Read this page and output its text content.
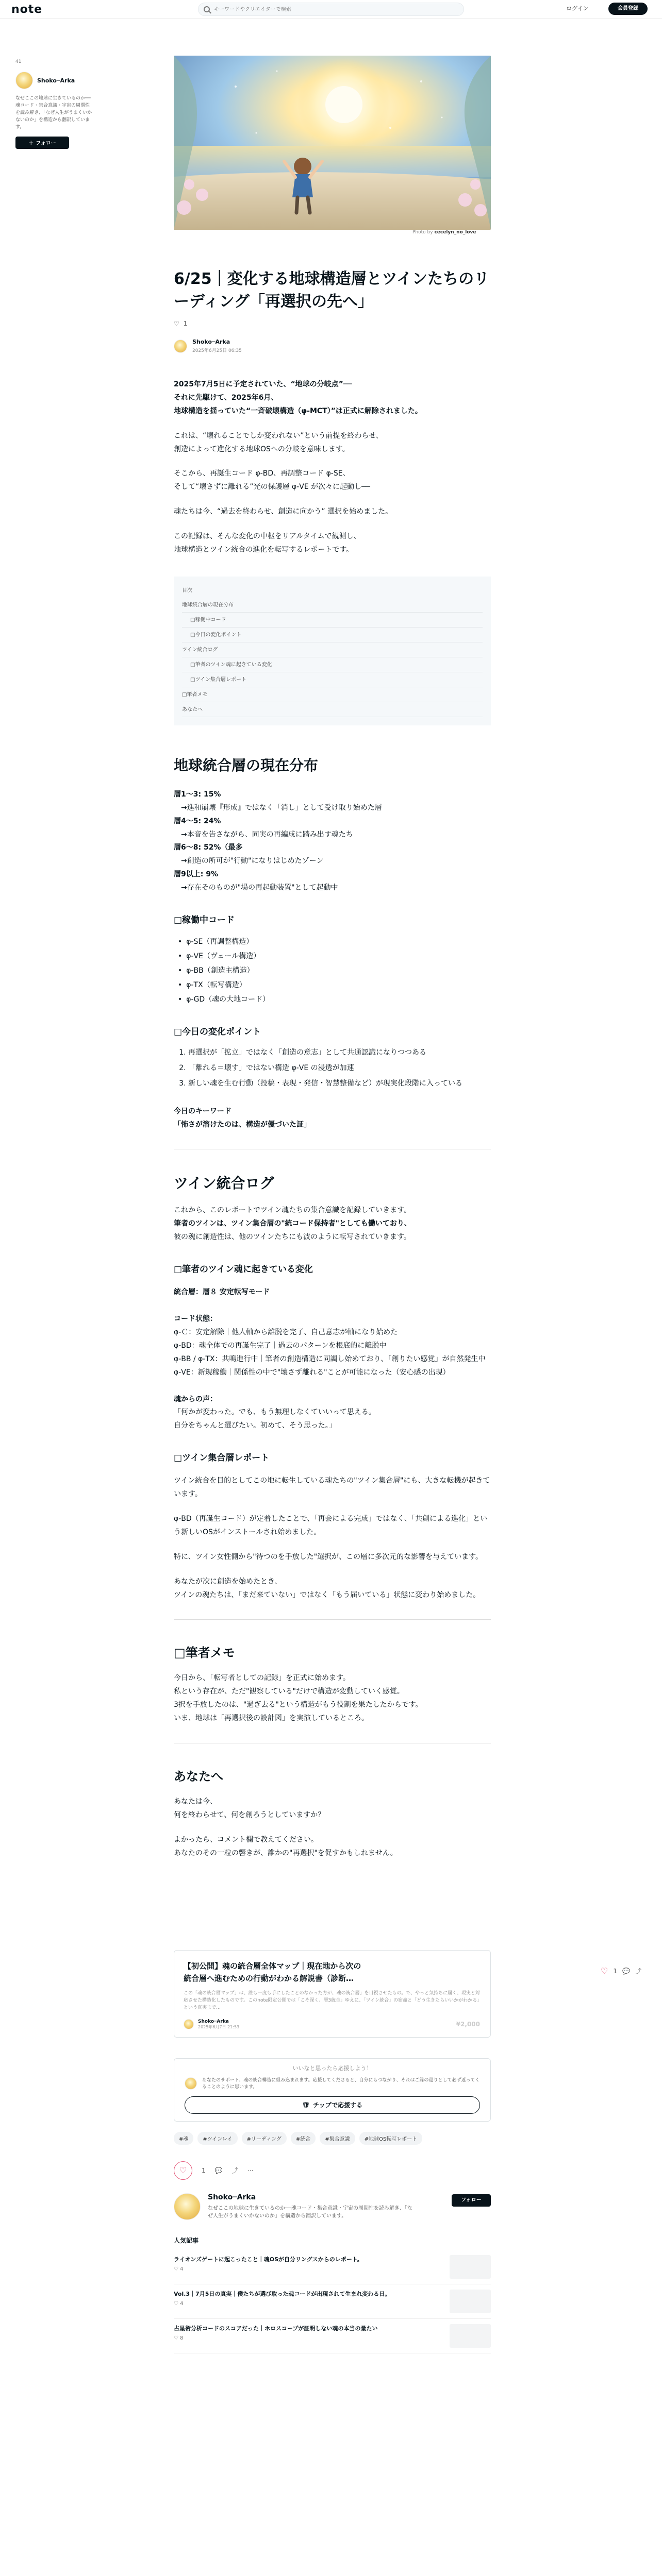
note
キーワードやクリエイターで検索	ログイン	会員登録
41
Shoko─Arka
なぜここの地球に生きているのか──魂コード・集合意識・宇宙の周期性を読み解き、「なぜ人生がうまくいかないのか」を構造から翻訳しています。
＋ フォロー
Photo by cecelyn_no_love
6/25｜変化する地球構造層とツインたちのリーディング「再選択の先へ」
♡ 1
Shoko─Arka
2025年6月25日 06:35
2025年7月5日に予定されていた、“地球の分岐点”──
それに先駆けて、2025年6月、
地球構造を揺っていた“一斉破壊構造（φ-MCT）”は正式に解除されました。
これは、“壊れることでしか変われない”という前提を終わらせ、
創造によって進化する地球OSへの分岐を意味します。
そこから、再誕生コード φ-BD、再調整コード φ-SE、
そして“壊さずに離れる”光の保護層 φ-VE が次々に起動し──
魂たちは今、“過去を終わらせ、創造に向かう” 選択を始めました。
この記録は、そんな変化の中枢をリアルタイムで観測し、
地球構造とツイン統合の進化を転写するレポートです。
目次
地球統合層の現在分布
□稼働中コード
□今日の変化ポイント
ツイン統合ログ
□筆者のツイン魂に起きている変化
□ツイン集合層レポート
□筆者メモ
あなたへ
地球統合層の現在分布
層1〜3: 15%
→進和崩壊『形成』ではなく「消し」として受け取り始めた層
層4〜5: 24%
→本音を告さながら、同実の再編成に踏み出す魂たち
層6〜8: 52%（最多
→創造の所可が"行動"になりはじめたゾーン
層9以上: 9%
→存在そのものが"場の再起動装置"として起動中
□稼働中コード
• φ-SE（再調整構造）
• φ-VE（ヴェール構造）
• φ-BB（創造主構造）
• φ-TX（転写構造）
• φ-GD（魂の大地コード）
□今日の変化ポイント
1. 再選択が「拡立」ではなく「創造の意志」として共通認識になりつつある
2. 「離れる＝壊す」ではない構造 φ-VE の浸透が加速
3. 新しい魂を生む行動（投稿・表現・発信・智慧整備など）が現実化段階に入っている
今日のキーワード
「怖さが溶けたのは、構造が優づいた証」
ツイン統合ログ
これから、このレポートでツイン魂たちの集合意識を記録していきます。
筆者のツインは、ツイン集合層の"統コード保持者"としても働いており、
彼の魂に創造性は、他のツインたちにも波のように転写されていきます。
□筆者のツイン魂に起きている変化
統合層：層８ 安定転写モード
コード状態：
φ-Ｃ：安定解除｜他人軸から離脱を完了、自己意志が軸になり始めた
φ-BD：魂全体での再誕生完了｜過去のパターンを根底的に離脱中
φ-BB / φ-TX：共鳴進行中｜筆者の創造構造に同調し始めており、「創りたい感覚」が自然発生中
φ-VE：新規稼働｜関係性の中で"壊さず離れる"ことが可能になった（安心感の出現）
魂からの声：
「何かが変わった。でも、もう無理しなくていいって思える。
自分をちゃんと選びたい。初めて、そう思った。」
□ツイン集合層レポート
ツイン統合を目的としてこの地に転生している魂たちの"ツイン集合層"にも、大きな転機が起きています。
φ-BD（再誕生コード）が定着したことで、「再会による完成」ではなく、「共創による進化」という新しいOSがインストールされ始めました。
特に、ツイン女性側から"待つのを手放した"選択が、この層に多次元的な影響を与えています。
あなたが次に創造を始めたとき、
ツインの魂たちは、「まだ来ていない」ではなく「もう届いている」状態に変わり始めました。
□筆者メモ
今日から、「転写者としての記録」を正式に始めます。
私という存在が、ただ"観察している"だけで構造が変動していく感覚。
3択を手放したのは、"過ぎ去る"という構造がもう役割を果たしたからです。
いま、地球は「再選択後の設計図」を実演しているところ。
あなたへ
あなたは今、
何を終わらせて、何を創ろうとしていますか？
よかったら、コメント欄で教えてください。
あなたのその一粒の響きが、誰かの"再選択"を促すかもしれません。
【初公開】魂の統合層全体マップ｜現在地から次の
統合層へ進むための行動がわかる解説書（診断…
この「魂の統合層マップ」は、誰も一度も手にしたことのなかった方が、魂の統合層」を目視させたもの。で、やっと気持ちに届く、現実と対応させた構造化したものです。このnote限定公開では「こそ深く、層3統合」ゆえに、「ツイン統合」の宿命と「どう生きたらいいかがわかる」という真実まで…
Shoko─Arka
2025年6月7日 21:53	¥2,000
いいなと思ったら応援しよう！
あなたのサポート、魂の統合構造に組み込まれます。応援してくださると、自分にもつながり、それはご縁の巡りとして必ず返ってくることのように思います。
🛡 チップで応援する
#魂	#ツインレイ	#リーディング	#統合	#集合意識	#地球OS転写レポート
♡	1 💬 ⤴ ⋯
Shoko─Arka
なぜここの地球に生きているのか──魂コード・集合意識・宇宙の周期性を読み解き、「なぜ人生がうまくいかないのか」を構造から翻訳しています。
フォロー
人気記事
ライオンズゲートに起こったこと｜魂OSが自分リングスからのレポート。
♡ 4
Vol.3｜7月5日の真実｜僕たちが選び取った魂コードが出現されて生まれ変わる日。
♡ 4
占星術分析コードのスコアだった｜ホロスコープが証明しない魂の本当の量たい
♡ 8
♡ 1 💬 ⤴
